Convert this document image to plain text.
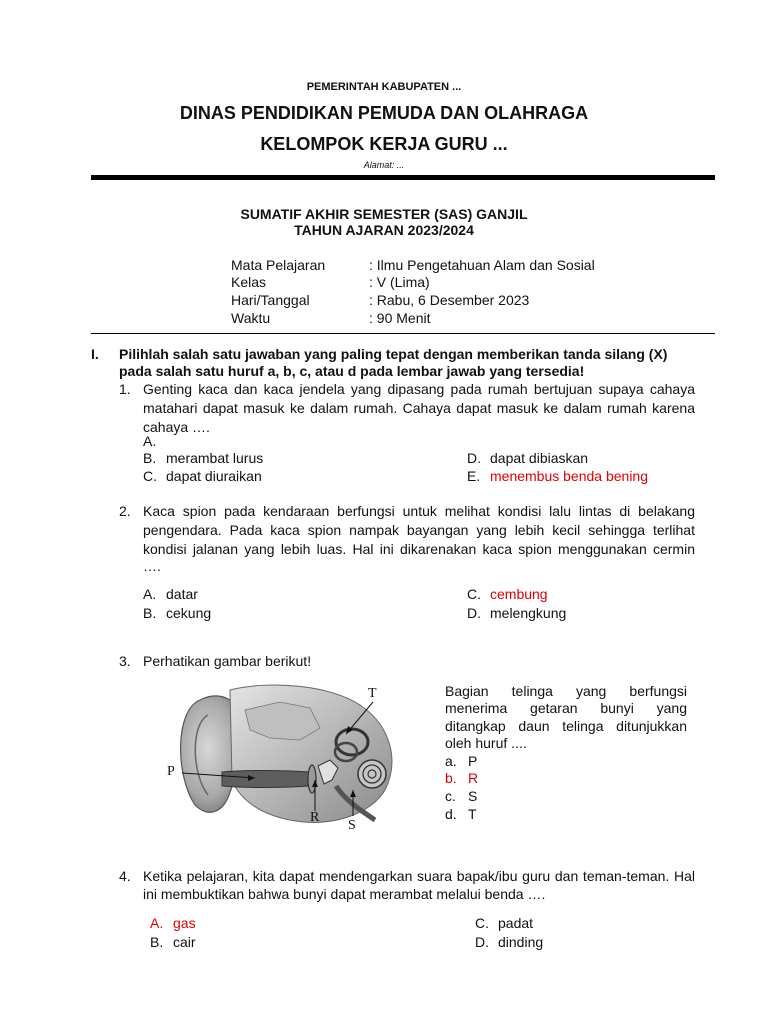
PEMERINTAH KABUPATEN ...
DINAS PENDIDIKAN PEMUDA DAN OLAHRAGA
KELOMPOK KERJA GURU ...
Alamat: ...
SUMATIF AKHIR SEMESTER (SAS) GANJIL
TAHUN AJARAN 2023/2024
Mata Pelajaran	: Ilmu Pengetahuan Alam dan Sosial
Kelas	: V (Lima)
Hari/Tanggal	: Rabu, 6 Desember 2023
Waktu	: 90 Menit
I. Pilihlah salah satu jawaban yang paling tepat dengan memberikan tanda silang (X)
pada salah satu huruf a, b, c, atau d pada lembar jawab yang tersedia!
1. Genting kaca dan kaca jendela yang dipasang pada rumah bertujuan supaya cahaya
matahari dapat masuk ke dalam rumah. Cahaya dapat masuk ke dalam rumah karena
cahaya ….
A.
B. merambat lurus
C. dapat diuraikan
D. dapat dibiaskan
E. menembus benda bening
2. Kaca spion pada kendaraan berfungsi untuk melihat kondisi lalu lintas di belakang
pengendara. Pada kaca spion nampak bayangan yang lebih kecil sehingga terlihat
kondisi jalanan yang lebih luas. Hal ini dikarenakan kaca spion menggunakan cermin
….
A. datar
B. cekung
C. cembung
D. melengkung
3. Perhatikan gambar berikut!
P
R
S
T	Bagian telinga yang berfungsi
menerima getaran bunyi yang
ditangkap daun telinga ditunjukkan
oleh huruf ....
a. P
b. R
c. S
d. T
4. Ketika pelajaran, kita dapat mendengarkan suara bapak/ibu guru dan teman-teman. Hal
ini membuktikan bahwa bunyi dapat merambat melalui benda ….
A. gas
B. cair
C. padat
D. dinding
